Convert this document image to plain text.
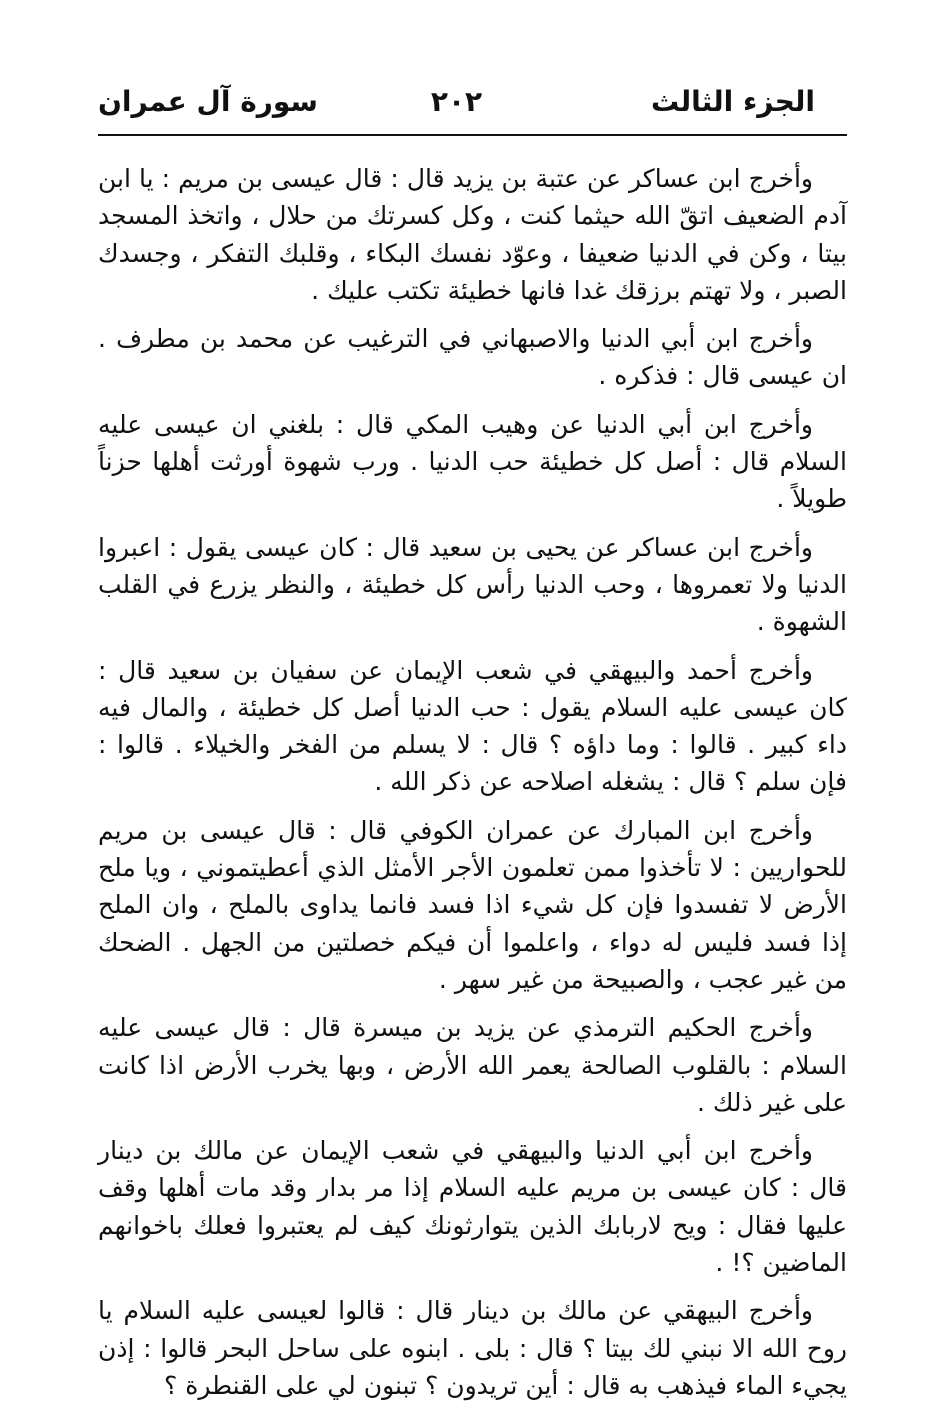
الجزء الثالث
٢٠٢
سورة آل عمران

وأخرج ابن عساكر عن عتبة بن يزيد قال : قال عيسى بن مريم : يا ابن آدم الضعيف اتقّ الله حيثما كنت ، وكل كسرتك من حلال ، واتخذ المسجد بيتا ، وكن في الدنيا ضعيفا ، وعوّد نفسك البكاء ، وقلبك التفكر ، وجسدك الصبر ، ولا تهتم برزقك غدا فانها خطيئة تكتب عليك .

وأخرج ابن أبي الدنيا والاصبهاني في الترغيب عن محمد بن مطرف . ان عيسى قال : فذكره .

وأخرج ابن أبي الدنيا عن وهيب المكي قال : بلغني ان عيسى عليه السلام قال : أصل كل خطيئة حب الدنيا . ورب شهوة أورثت أهلها حزناً طويلاً .

وأخرج ابن عساكر عن يحيى بن سعيد قال : كان عيسى يقول : اعبروا الدنيا ولا تعمروها ، وحب الدنيا رأس كل خطيئة ، والنظر يزرع في القلب الشهوة .

وأخرج أحمد والبيهقي في شعب الإيمان عن سفيان بن سعيد قال : كان عيسى عليه السلام يقول : حب الدنيا أصل كل خطيئة ، والمال فيه داء كبير . قالوا : وما داؤه ؟ قال : لا يسلم من الفخر والخيلاء . قالوا : فإن سلم ؟ قال : يشغله اصلاحه عن ذكر الله .

وأخرج ابن المبارك عن عمران الكوفي قال : قال عيسى بن مريم للحواريين : لا تأخذوا ممن تعلمون الأجر الأمثل الذي أعطيتموني ، ويا ملح الأرض لا تفسدوا فإن كل شيء اذا فسد فانما يداوى بالملح ، وان الملح إذا فسد فليس له دواء ، واعلموا أن فيكم خصلتين من الجهل . الضحك من غير عجب ، والصبيحة من غير سهر .

وأخرج الحكيم الترمذي عن يزيد بن ميسرة قال : قال عيسى عليه السلام : بالقلوب الصالحة يعمر الله الأرض ، وبها يخرب الأرض اذا كانت على غير ذلك .

وأخرج ابن أبي الدنيا والبيهقي في شعب الإيمان عن مالك بن دينار قال : كان عيسى بن مريم عليه السلام إذا مر بدار وقد مات أهلها وقف عليها فقال : ويح لاربابك الذين يتوارثونك كيف لم يعتبروا فعلك باخوانهم الماضين ؟! .

وأخرج البيهقي عن مالك بن دينار قال : قالوا لعيسى عليه السلام يا روح الله الا نبني لك بيتا ؟ قال : بلى . ابنوه على ساحل البحر قالوا : إذن يجيء الماء فيذهب به قال : أين تريدون ؟ تبنون لي على القنطرة ؟
